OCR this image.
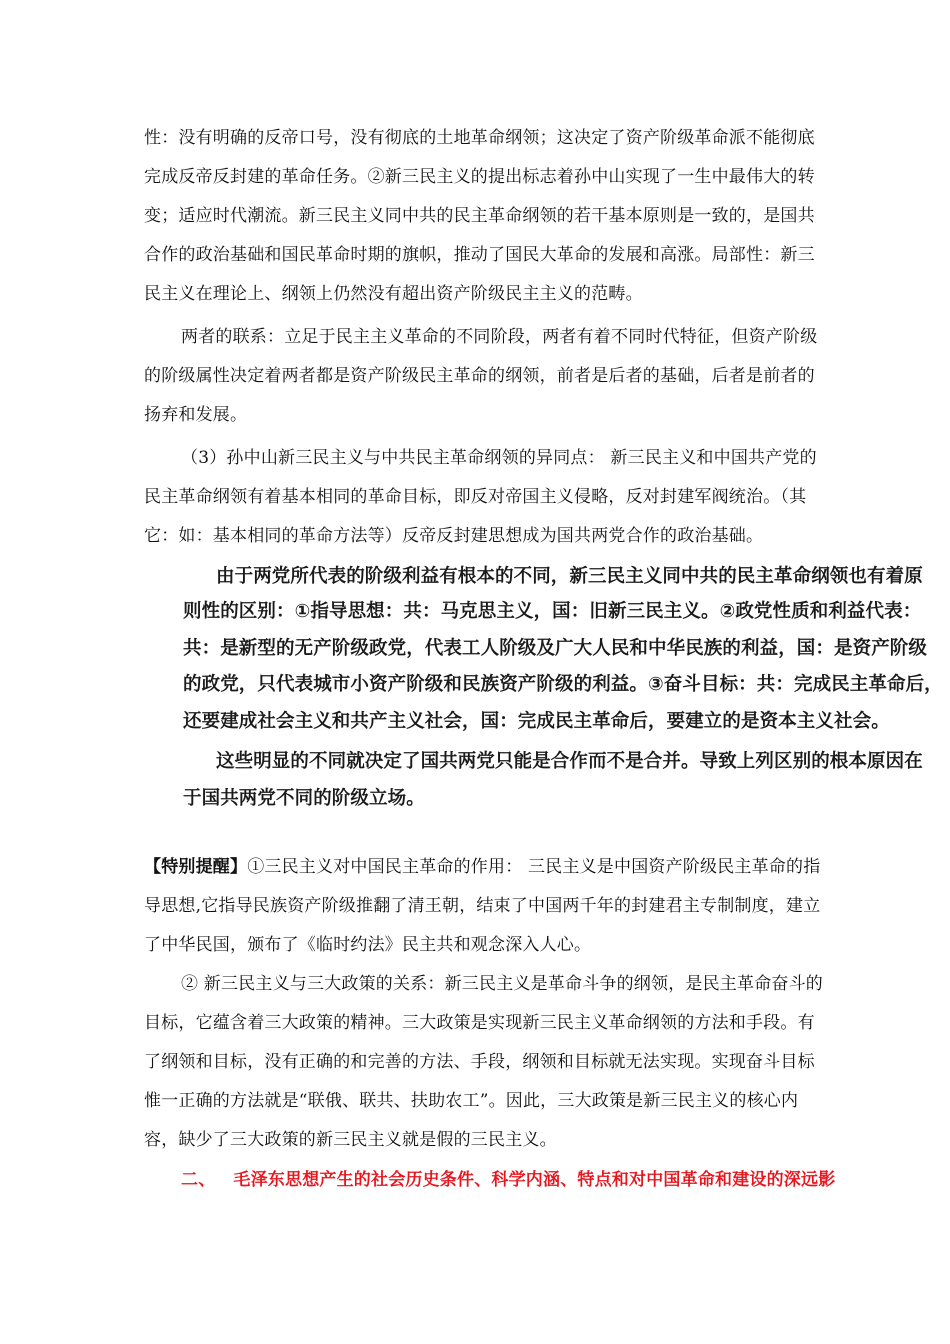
性：没有明确的反帝口号，没有彻底的土地革命纲领；这决定了资产阶级革命派不能彻底
完成反帝反封建的革命任务。②新三民主义的提出标志着孙中山实现了一生中最伟大的转
变；适应时代潮流。新三民主义同中共的民主革命纲领的若干基本原则是一致的，是国共
合作的政治基础和国民革命时期的旗帜，推动了国民大革命的发展和高涨。局部性：新三
民主义在理论上、纲领上仍然没有超出资产阶级民主主义的范畴。
两者的联系：立足于民主主义革命的不同阶段，两者有着不同时代特征，但资产阶级
的阶级属性决定着两者都是资产阶级民主革命的纲领，前者是后者的基础，后者是前者的
扬弃和发展。
（3）孙中山新三民主义与中共民主革命纲领的异同点： 新三民主义和中国共产党的
民主革命纲领有着基本相同的革命目标，即反对帝国主义侵略，反对封建军阀统治。（其
它：如：基本相同的革命方法等）反帝反封建思想成为国共两党合作的政治基础。
由于两党所代表的阶级利益有根本的不同，新三民主义同中共的民主革命纲领也有着原
则性的区别：①指导思想：共：马克思主义，国：旧新三民主义。②政党性质和利益代表：
共：是新型的无产阶级政党，代表工人阶级及广大人民和中华民族的利益，国：是资产阶级
的政党，只代表城市小资产阶级和民族资产阶级的利益。③奋斗目标：共：完成民主革命后，
还要建成社会主义和共产主义社会，国：完成民主革命后，要建立的是资本主义社会。
这些明显的不同就决定了国共两党只能是合作而不是合并。导致上列区别的根本原因在
于国共两党不同的阶级立场。
【特别提醒】①三民主义对中国民主革命的作用： 三民主义是中国资产阶级民主革命的指
导思想,它指导民族资产阶级推翻了清王朝，结束了中国两千年的封建君主专制制度，建立
了中华民国，颁布了《临时约法》民主共和观念深入人心。
② 新三民主义与三大政策的关系：新三民主义是革命斗争的纲领，是民主革命奋斗的
目标，它蕴含着三大政策的精神。三大政策是实现新三民主义革命纲领的方法和手段。有
了纲领和目标，没有正确的和完善的方法、手段，纲领和目标就无法实现。实现奋斗目标
惟一正确的方法就是“联俄、联共、扶助农工”。因此，三大政策是新三民主义的核心内
容，缺少了三大政策的新三民主义就是假的三民主义。
二、 毛泽东思想产生的社会历史条件、科学内涵、特点和对中国革命和建设的深远影
